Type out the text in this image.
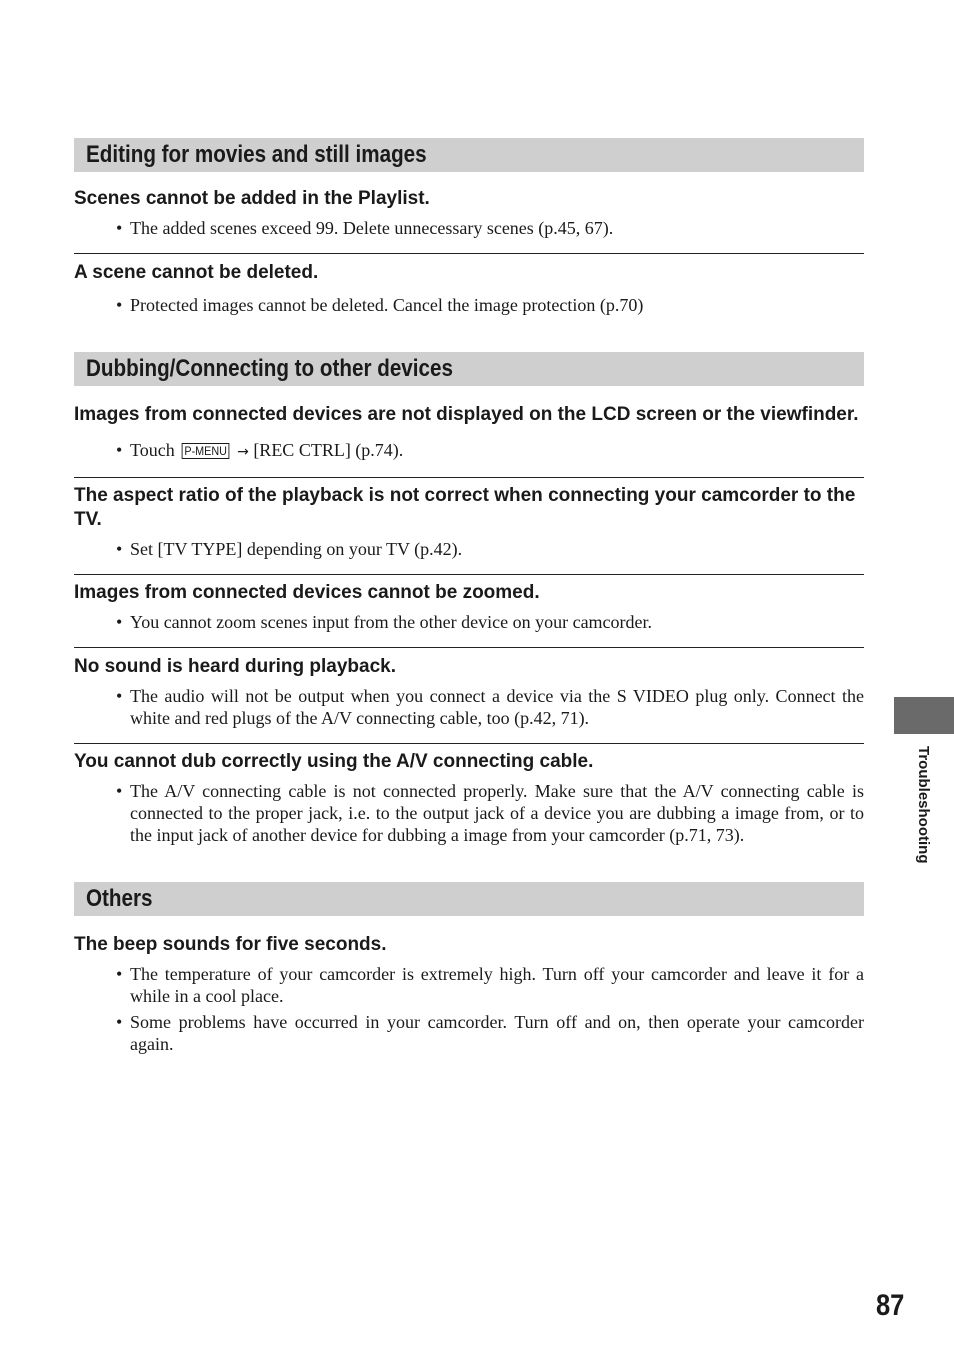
Editing for movies and still images
Scenes cannot be added in the Playlist.
• The added scenes exceed 99. Delete unnecessary scenes (p.45, 67).
A scene cannot be deleted.
• Protected images cannot be deleted. Cancel the image protection (p.70)
Dubbing/Connecting to other devices
Images from connected devices are not displayed on the LCD screen or the viewfinder.
• Touch P-MENU → [REC CTRL] (p.74).
The aspect ratio of the playback is not correct when connecting your camcorder to the TV.
• Set [TV TYPE] depending on your TV (p.42).
Images from connected devices cannot be zoomed.
• You cannot zoom scenes input from the other device on your camcorder.
No sound is heard during playback.
• The audio will not be output when you connect a device via the S VIDEO plug only. Connect the white and red plugs of the A/V connecting cable, too (p.42, 71).
You cannot dub correctly using the A/V connecting cable.
• The A/V connecting cable is not connected properly. Make sure that the A/V connecting cable is connected to the proper jack, i.e. to the output jack of a device you are dubbing a image from, or to the input jack of another device for dubbing a image from your camcorder (p.71, 73).
Others
The beep sounds for five seconds.
• The temperature of your camcorder is extremely high. Turn off your camcorder and leave it for a while in a cool place.
• Some problems have occurred in your camcorder. Turn off and on, then operate your camcorder again.
Troubleshooting
87
